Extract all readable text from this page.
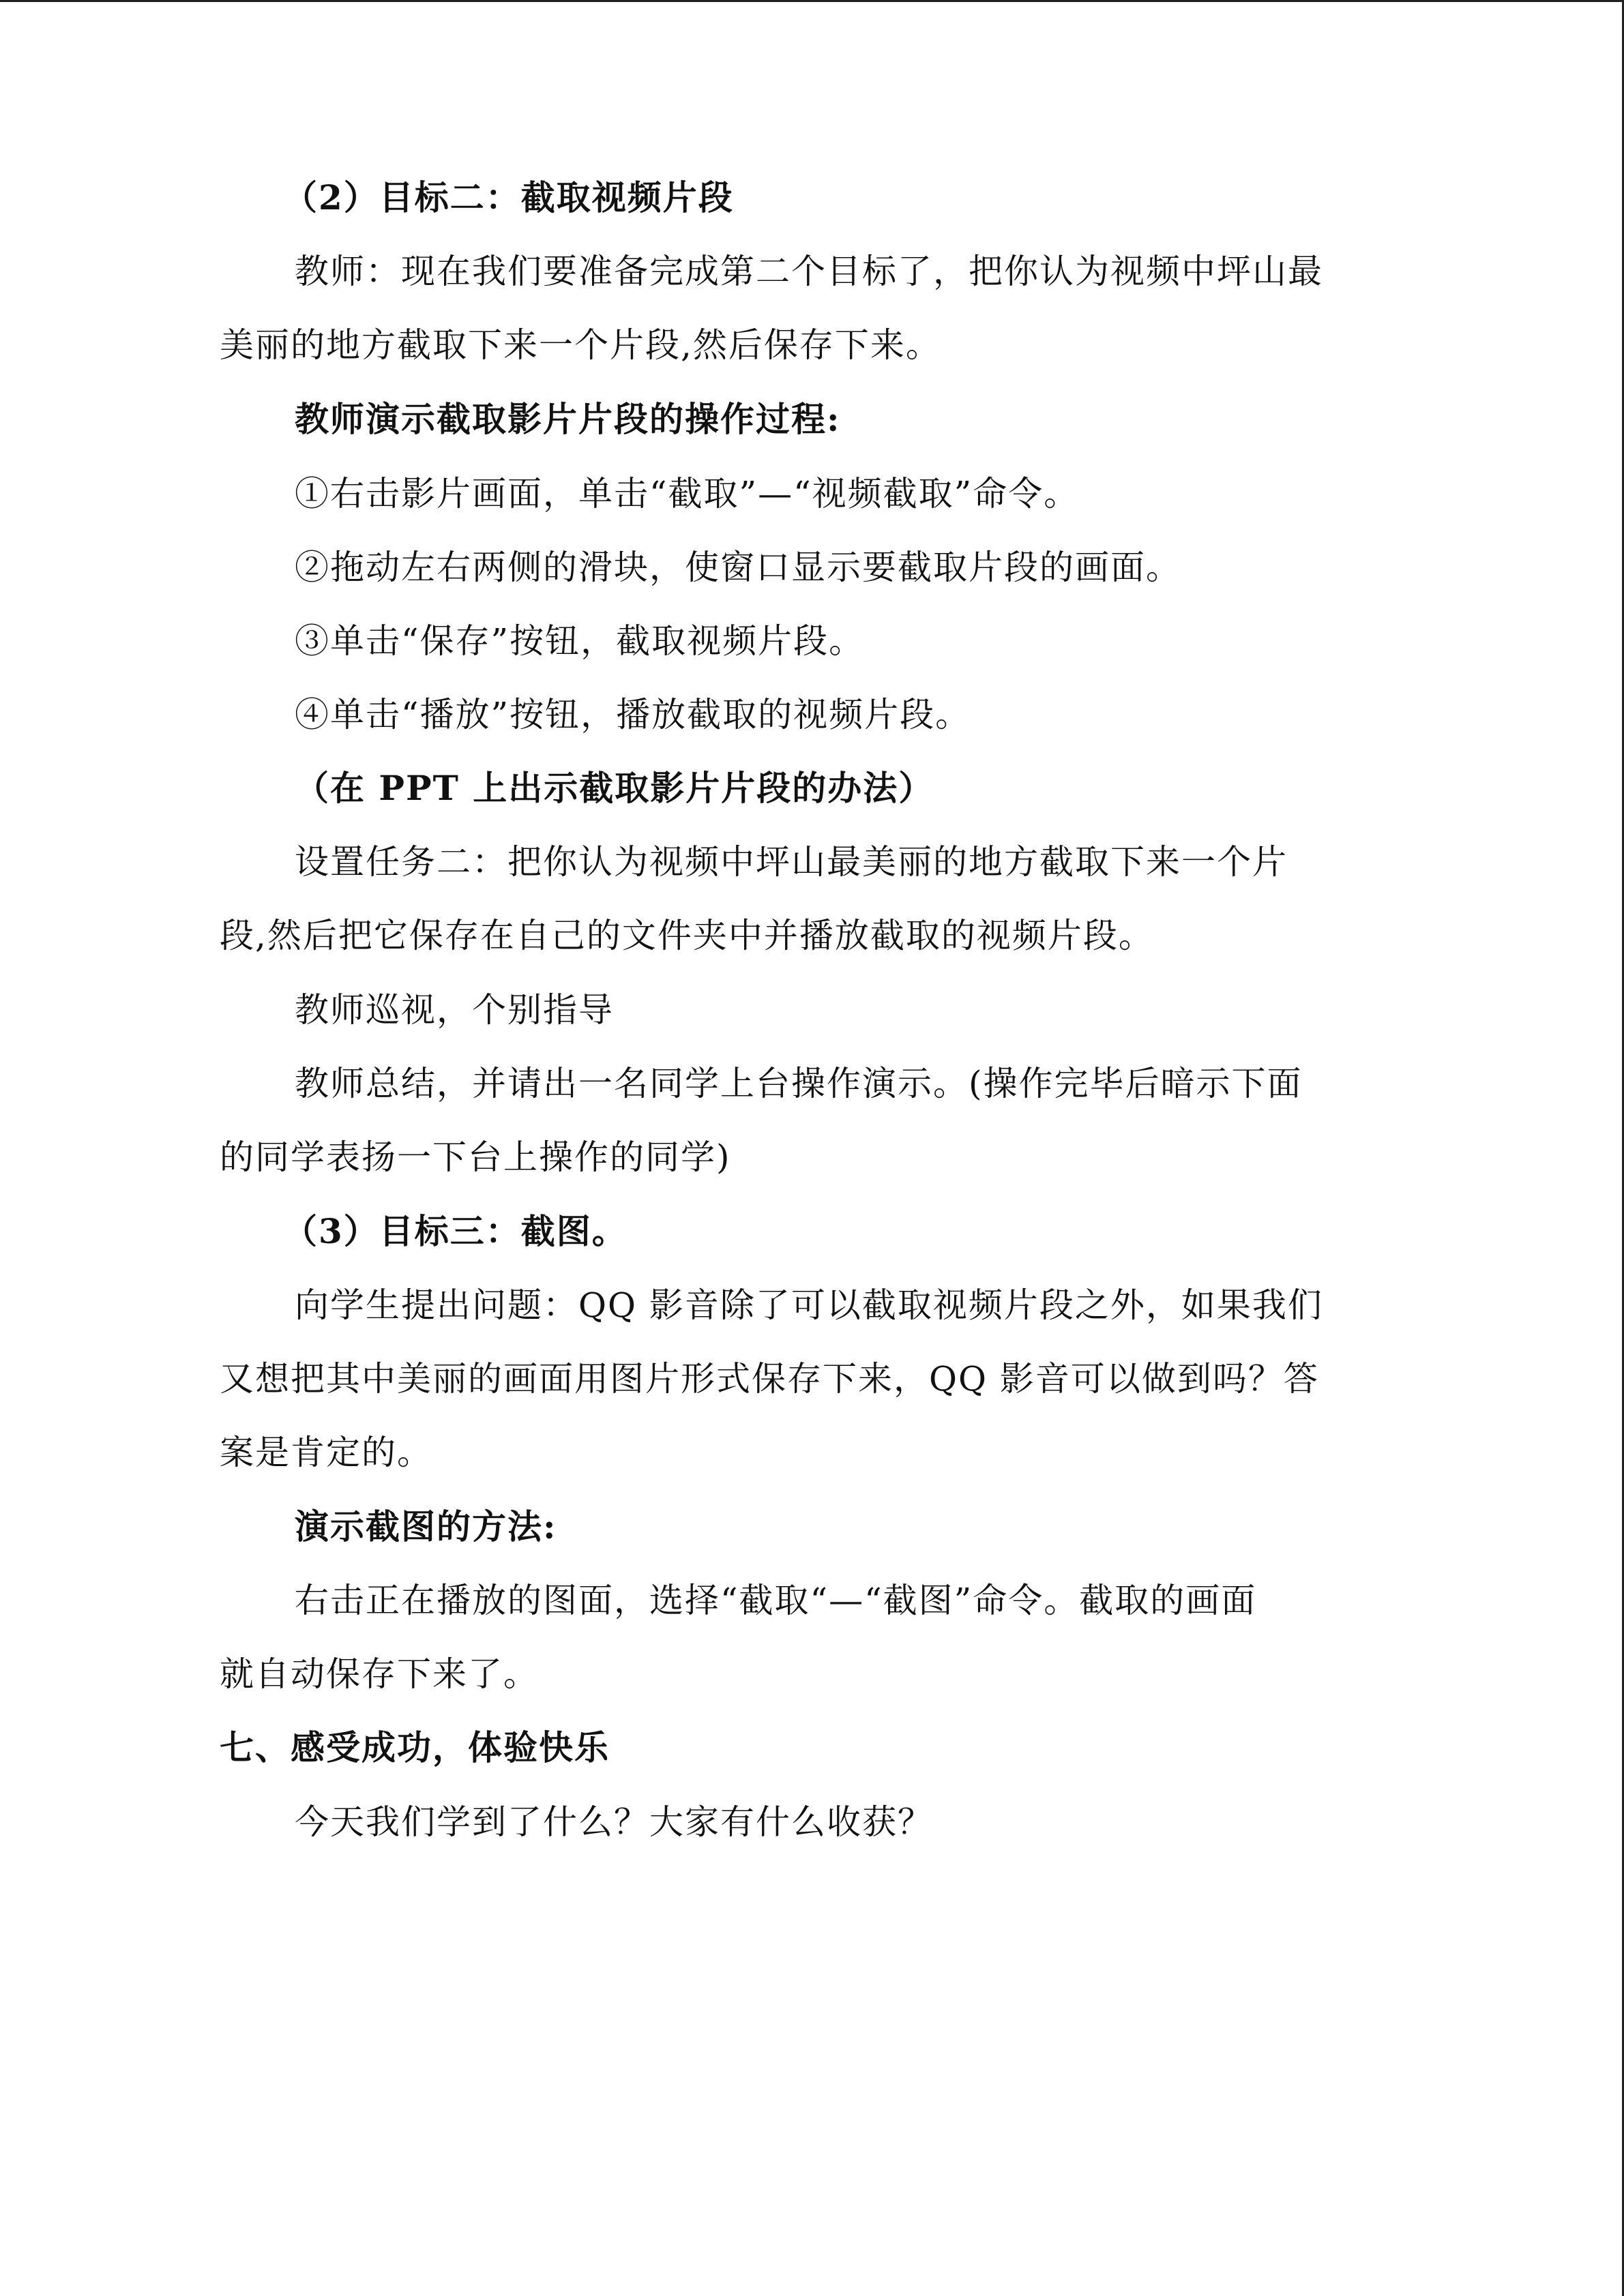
（2）目标二：截取视频片段
教师：现在我们要准备完成第二个目标了，把你认为视频中坪山最
美丽的地方截取下来一个片段,然后保存下来。
教师演示截取影片片段的操作过程:
①右击影片画面，单击“截取”—“视频截取”命令。
②拖动左右两侧的滑块，使窗口显示要截取片段的画面。
③单击“保存”按钮，截取视频片段。
④单击“播放”按钮，播放截取的视频片段。
（在 PPT 上出示截取影片片段的办法）
设置任务二：把你认为视频中坪山最美丽的地方截取下来一个片
段,然后把它保存在自己的文件夹中并播放截取的视频片段。
教师巡视，个别指导
教师总结，并请出一名同学上台操作演示。(操作完毕后暗示下面
的同学表扬一下台上操作的同学)
（3）目标三：截图。
向学生提出问题：QQ 影音除了可以截取视频片段之外，如果我们
又想把其中美丽的画面用图片形式保存下来，QQ 影音可以做到吗？答
案是肯定的。
演示截图的方法:
右击正在播放的图面，选择“截取“—“截图”命令。截取的画面
就自动保存下来了。
七、感受成功，体验快乐
今天我们学到了什么？大家有什么收获？
